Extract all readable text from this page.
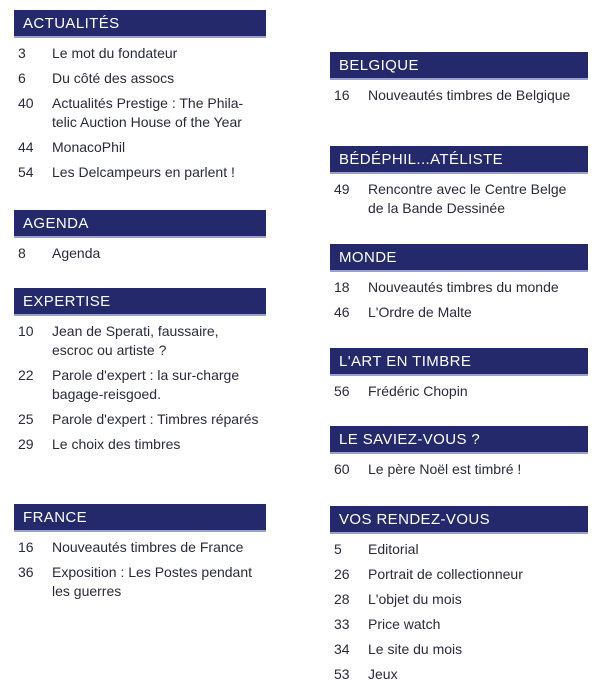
ACTUALITÉS
3	Le mot du fondateur
6	Du côté des assocs
40	Actualités Prestige : The Phila-telic Auction House of the Year
44	MonacoPhil
54	Les Delcampeurs en parlent !
AGENDA
8	Agenda
EXPERTISE
10	Jean de Sperati, faussaire, escroc ou artiste ?
22	Parole d'expert : la sur-charge bagage-reisgoed.
25	Parole d'expert : Timbres réparés
29	Le choix des timbres
FRANCE
16	Nouveautés timbres de France
36	Exposition : Les Postes pendant les guerres
BELGIQUE
16	Nouveautés timbres de Belgique
BÉDÉPHIL...ATÉLISTE
49	Rencontre avec le Centre Belge de la Bande Dessinée
MONDE
18	Nouveautés timbres du monde
46	L'Ordre de Malte
L'ART EN TIMBRE
56	Frédéric Chopin
LE SAVIEZ-VOUS ?
60	Le père Noël est timbré !
VOS RENDEZ-VOUS
5	Editorial
26	Portrait de collectionneur
28	L'objet du mois
33	Price watch
34	Le site du mois
53	Jeux
